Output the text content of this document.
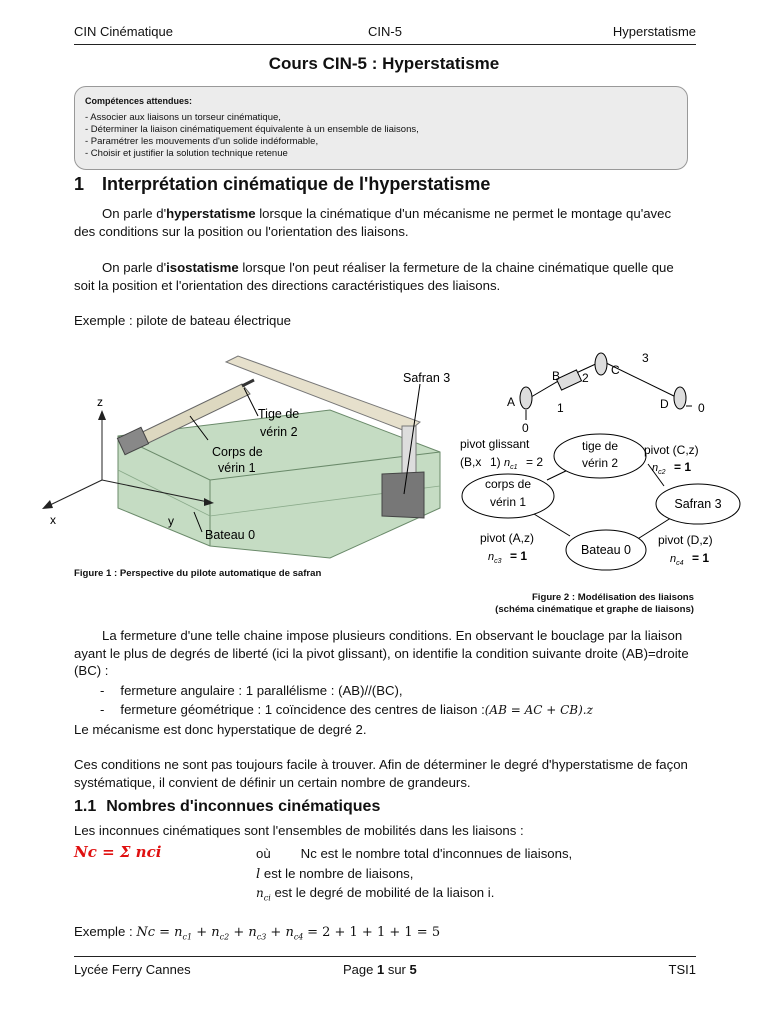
CIN Cinématique	CIN-5	Hyperstatisme
Cours CIN-5 : Hyperstatisme
Compétences attendues:
- Associer aux liaisons un torseur cinématique,
- Déterminer la liaison cinématiquement équivalente à un ensemble de liaisons,
- Paramétrer les mouvements d'un solide indéformable,
- Choisir et justifier la solution technique retenue
1 Interprétation cinématique de l'hyperstatisme
On parle d'hyperstatisme lorsque la cinématique d'un mécanisme ne permet le montage qu'avec des conditions sur la position ou l'orientation des liaisons.
On parle d'isostatisme lorsque l'on peut réaliser la fermeture de la chaine cinématique quelle que soit la position et l'orientation des directions caractéristiques des liaisons.
Exemple : pilote de bateau électrique
z
x	y
Safran 3
Tige de
vérin 2
Corps de
vérin 1
Bateau 0
Figure 1 : Perspective du pilote automatique de safran
3
B 2
C
A	1	D 0
0
tige de
vérin 2
corps de
vérin 1	Safran 3
Bateau 0
pivot glissant
(B,x 1) $n_{c1} = 2$
pivot (C,z)
$n_{c2} = 1$
pivot (A,z)
$n_{c3} = 1$
pivot (D,z)
$n_{c4} = 1$
Figure 2 : Modélisation des liaisons
(schéma cinématique et graphe de liaisons)
La fermeture d'une telle chaine impose plusieurs conditions. En observant le bouclage par la liaison ayant le plus de degrés de liberté (ici la pivot glissant), on identifie la condition suivante droite (AB)=droite (BC) :
- fermeture angulaire : 1 parallélisme : (AB)//(BC),
- fermeture géométrique : 1 coïncidence des centres de liaison :(AB = AC + CB).z
Le mécanisme est donc hyperstatique de degré 2.
Ces conditions ne sont pas toujours facile à trouver. Afin de déterminer le degré d'hyperstatisme de façon systématique, il convient de définir un certain nombre de grandeurs.
1.1 Nombres d'inconnues cinématiques
Les inconnues cinématiques sont l'ensembles de mobilités dans les liaisons :
Nc = Σ nci	où Nc est le nombre total d'inconnues de liaisons,
l est le nombre de liaisons,
$n_{ci}$ est le degré de mobilité de la liaison i.
Exemple : $Nc = n_{c1} + n_{c2} + n_{c3} + n_{c4} = 2 + 1 + 1 + 1 = 5$
Lycée Ferry Cannes	Page 1 sur 5	TSI1
